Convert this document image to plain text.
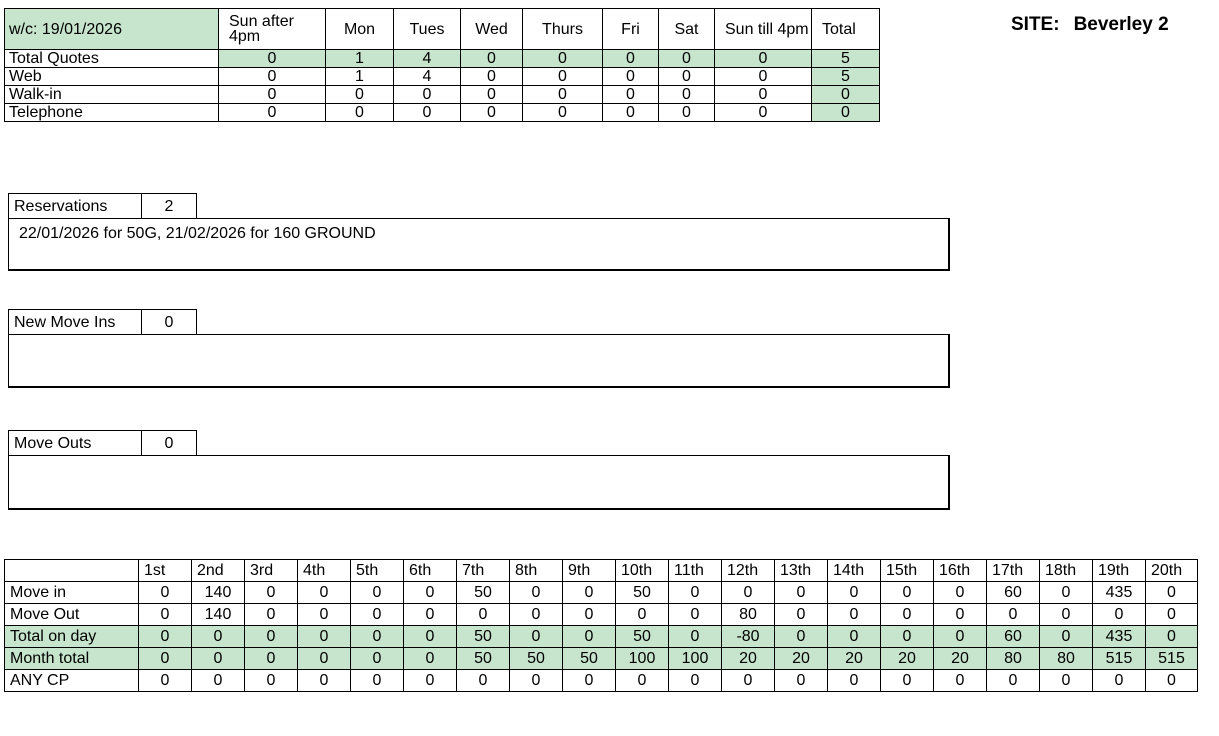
w/c: 19/01/2026	Sun after 4pm	Mon	Tues	Wed	Thurs	Fri	Sat	Sun till 4pm	Total
Total Quotes	0	1	4	0	0	0	0	0	5
Web	0	1	4	0	0	0	0	0	5
Walk-in	0	0	0	0	0	0	0	0	0
Telephone	0	0	0	0	0	0	0	0	0
SITE: Beverley 2
Reservations	2
22/01/2026 for 50G, 21/02/2026 for 160 GROUND
New Move Ins	0
Move Outs	0
	1st	2nd	3rd	4th	5th	6th	7th	8th	9th	10th	11th	12th	13th	14th	15th	16th	17th	18th	19th	20th
Move in	0	140	0	0	0	0	50	0	0	50	0	0	0	0	0	0	60	0	435	0
Move Out	0	140	0	0	0	0	0	0	0	0	0	80	0	0	0	0	0	0	0	0
Total on day	0	0	0	0	0	0	50	0	0	50	0	-80	0	0	0	0	60	0	435	0
Month total	0	0	0	0	0	0	50	50	50	100	100	20	20	20	20	20	80	80	515	515
ANY CP	0	0	0	0	0	0	0	0	0	0	0	0	0	0	0	0	0	0	0	0
